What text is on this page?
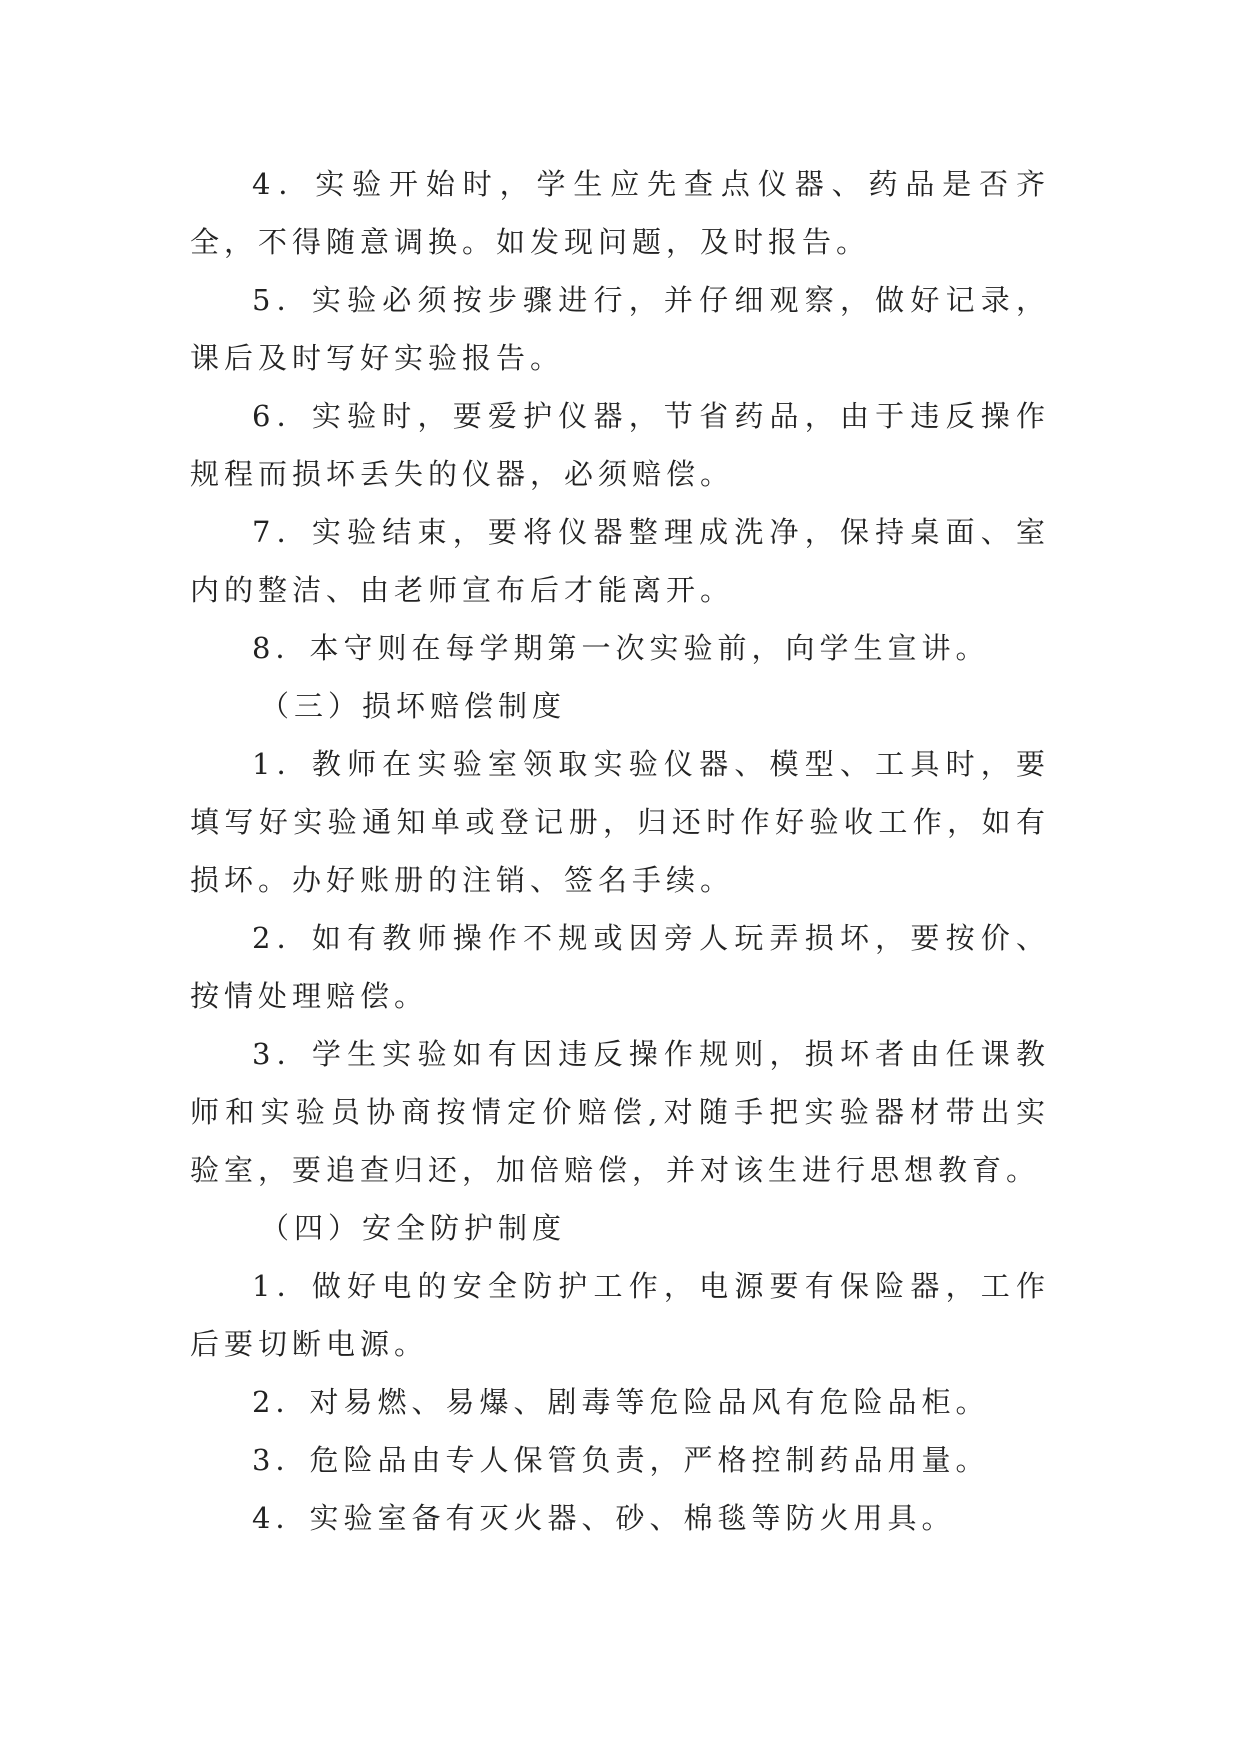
4．实验开始时，学生应先查点仪器、药品是否齐全，不得随意调换。如发现问题，及时报告。

5．实验必须按步骤进行，并仔细观察，做好记录，课后及时写好实验报告。

6．实验时，要爱护仪器，节省药品，由于违反操作规程而损坏丢失的仪器，必须赔偿。

7．实验结束，要将仪器整理成洗净，保持桌面、室内的整洁、由老师宣布后才能离开。

8．本守则在每学期第一次实验前，向学生宣讲。

（三）损坏赔偿制度

1．教师在实验室领取实验仪器、模型、工具时，要填写好实验通知单或登记册，归还时作好验收工作，如有损坏。办好账册的注销、签名手续。

2．如有教师操作不规或因旁人玩弄损坏，要按价、按情处理赔偿。

3．学生实验如有因违反操作规则，损坏者由任课教师和实验员协商按情定价赔偿,对随手把实验器材带出实验室，要追查归还，加倍赔偿，并对该生进行思想教育。

（四）安全防护制度

1．做好电的安全防护工作，电源要有保险器，工作后要切断电源。

2．对易燃、易爆、剧毒等危险品风有危险品柜。

3．危险品由专人保管负责，严格控制药品用量。

4．实验室备有灭火器、砂、棉毯等防火用具。
